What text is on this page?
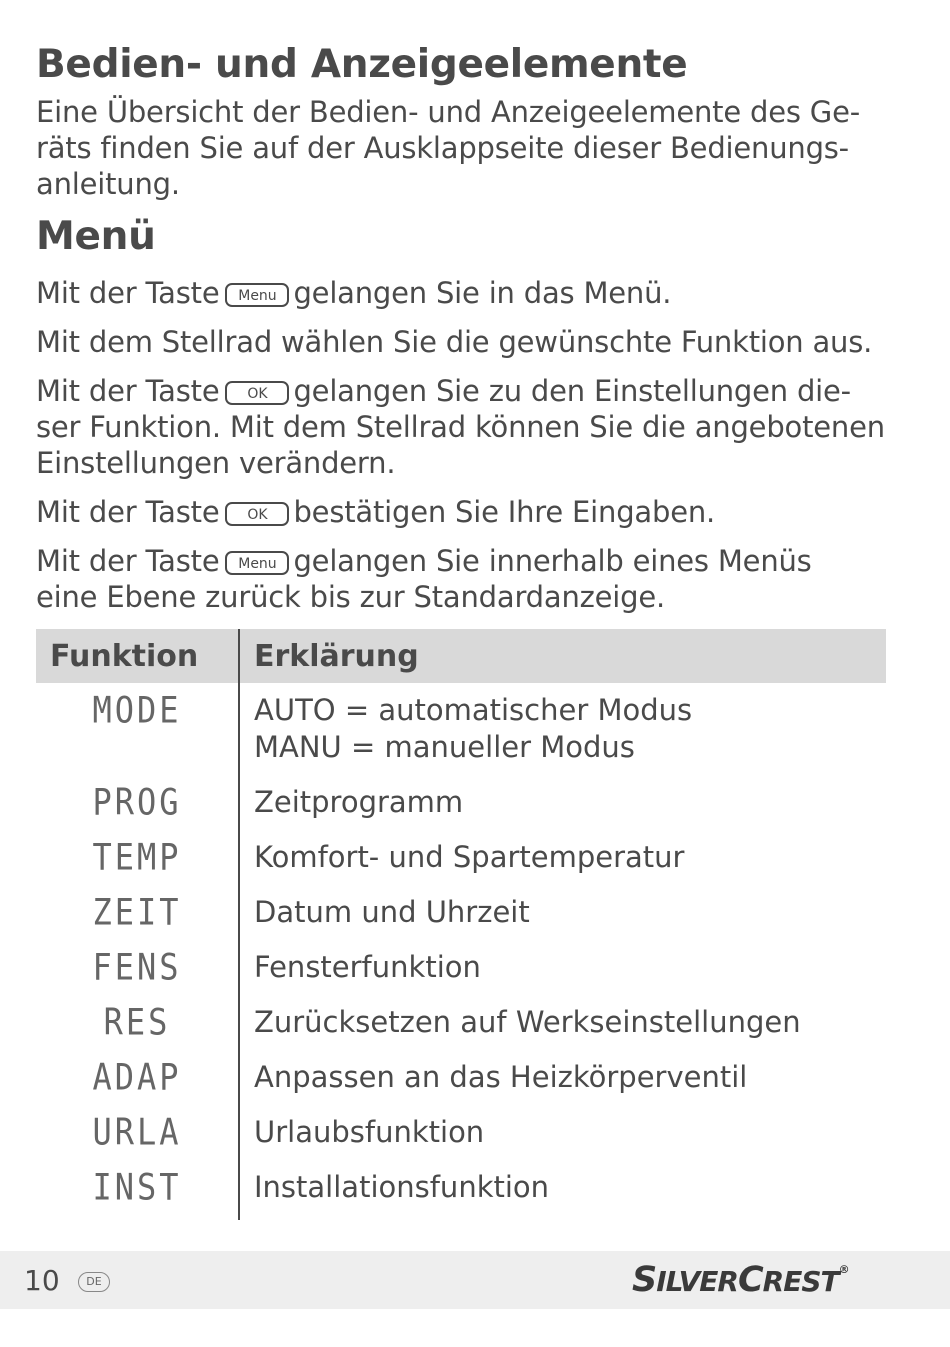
Bedien- und Anzeigeelemente

Eine Übersicht der Bedien- und Anzeigeelemente des Ge-
räts finden Sie auf der Ausklappseite dieser Bedienungs-
anleitung.

Menü

Mit der Taste Menu gelangen Sie in das Menü.

Mit dem Stellrad wählen Sie die gewünschte Funktion aus.

Mit der Taste OK gelangen Sie zu den Einstellungen die-
ser Funktion. Mit dem Stellrad können Sie die angebotenen
Einstellungen verändern.

Mit der Taste OK bestätigen Sie Ihre Eingaben.

Mit der Taste Menu gelangen Sie innerhalb eines Menüs
eine Ebene zurück bis zur Standardanzeige.

Funktion	Erklärung
MODE	AUTO = automatischer Modus
MANU = manueller Modus
PROG	Zeitprogramm
TEMP	Komfort- und Spartemperatur
ZEIT	Datum und Uhrzeit
FENS	Fensterfunktion
RES	Zurücksetzen auf Werkseinstellungen
ADAP	Anpassen an das Heizkörperventil
URLA	Urlaubsfunktion
INST	Installationsfunktion
10	DE	SILVERCREST®
